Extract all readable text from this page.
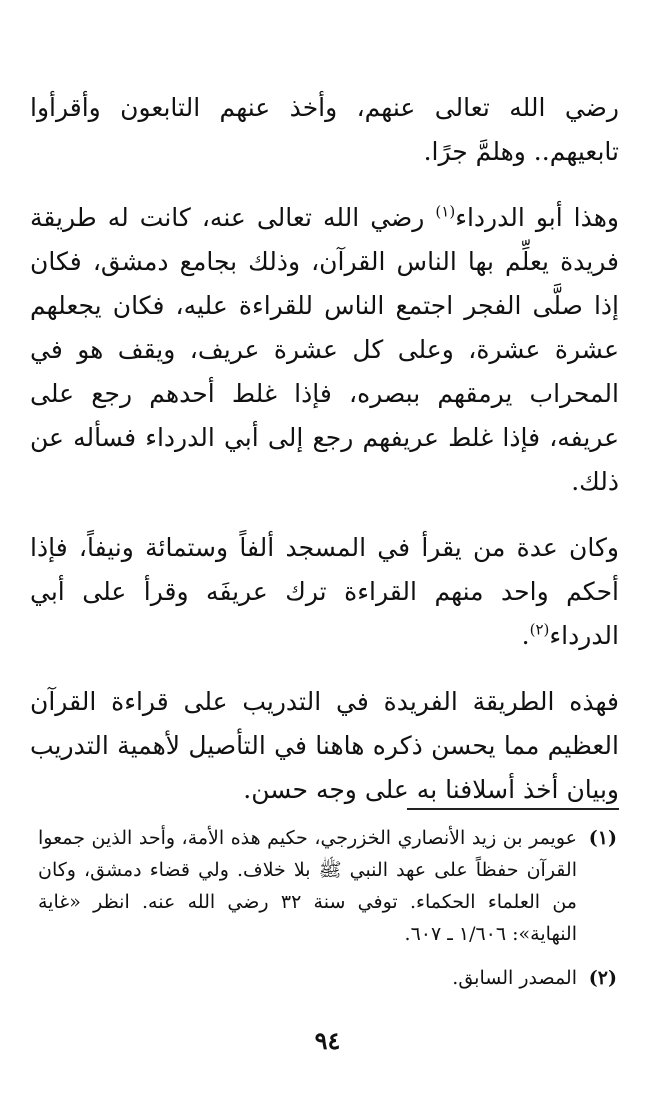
رضي الله تعالى عنهم، وأخذ عنهم التابعون وأقرأوا تابعيهم.. وهلمَّ جرًا.

وهذا أبو الدرداء$^{(١)}$ رضي الله تعالى عنه، كانت له طريقة فريدة يعلِّم بها الناس القرآن، وذلك بجامع دمشق، فكان إذا صلَّى الفجر اجتمع الناس للقراءة عليه، فكان يجعلهم عشرة عشرة، وعلى كل عشرة عريف، ويقف هو في المحراب يرمقهم ببصره، فإذا غلط أحدهم رجع على عريفه، فإذا غلط عريفهم رجع إلى أبي الدرداء فسأله عن ذلك.

وكان عدة من يقرأ في المسجد ألفاً وستمائة ونيفاً، فإذا أحكم واحد منهم القراءة ترك عريفَه وقرأ على أبي الدرداء$^{(٢)}$.

فهذه الطريقة الفريدة في التدريب على قراءة القرآن العظيم مما يحسن ذكره هاهنا في التأصيل لأهمية التدريب وبيان أخذ أسلافنا به على وجه حسن.

(١)
عويمر بن زيد الأنصاري الخزرجي، حكيم هذه الأمة، وأحد الذين جمعوا القرآن حفظاً على عهد النبي ﷺ بلا خلاف. ولي قضاء دمشق، وكان من العلماء الحكماء. توفي سنة ٣٢ رضي الله عنه. انظر «غاية النهاية»: ١/٦٠٦ ـ ٦٠٧.
(٢)
المصدر السابق.
٩٤
